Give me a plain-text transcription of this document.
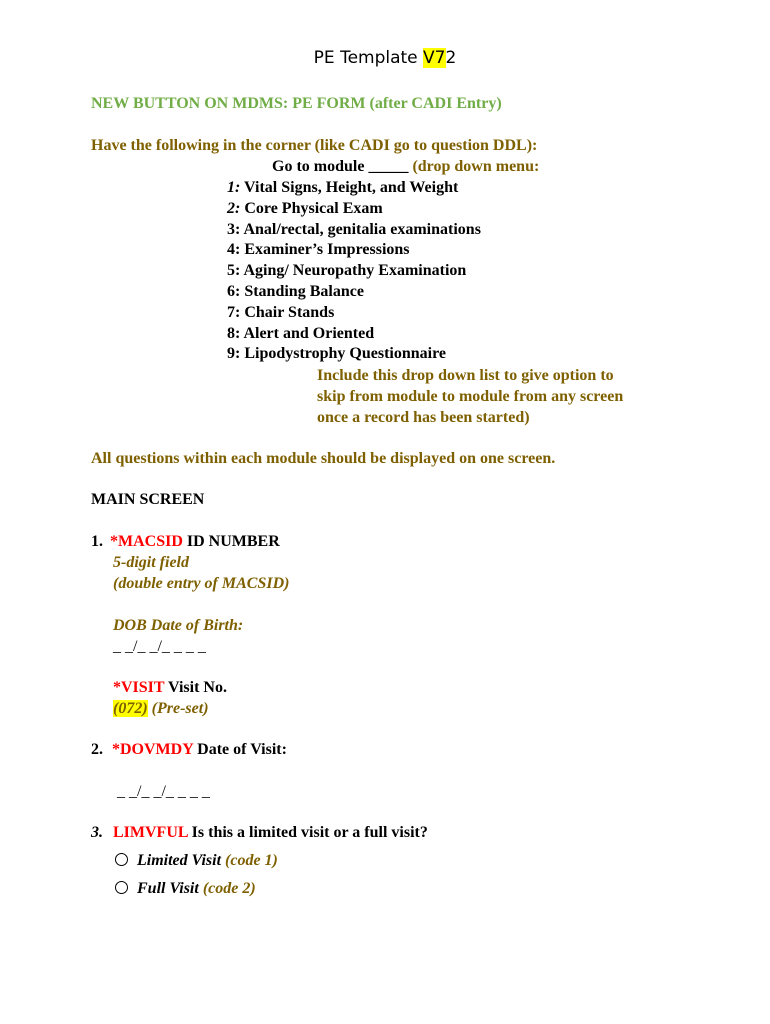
PE Template V72
NEW BUTTON ON MDMS: PE FORM (after CADI Entry)
Have the following in the corner (like CADI go to question DDL):
Go to module _____ (drop down menu:
1: Vital Signs, Height, and Weight
2: Core Physical Exam
3: Anal/rectal, genitalia examinations
4: Examiner’s Impressions
5: Aging/ Neuropathy Examination
6: Standing Balance
7: Chair Stands
8: Alert and Oriented
9: Lipodystrophy Questionnaire
Include this drop down list to give option to
skip from module to module from any screen
once a record has been started)
All questions within each module should be displayed on one screen.
MAIN SCREEN
1. *MACSID ID NUMBER
5-digit field
(double entry of MACSID)
DOB Date of Birth:
_ _/_ _/_ _ _ _
*VISIT Visit No.
(072) (Pre-set)
2. *DOVMDY Date of Visit:
_ _/_ _/_ _ _ _
3. LIMVFUL Is this a limited visit or a full visit?
Limited Visit (code 1)
Full Visit (code 2)
